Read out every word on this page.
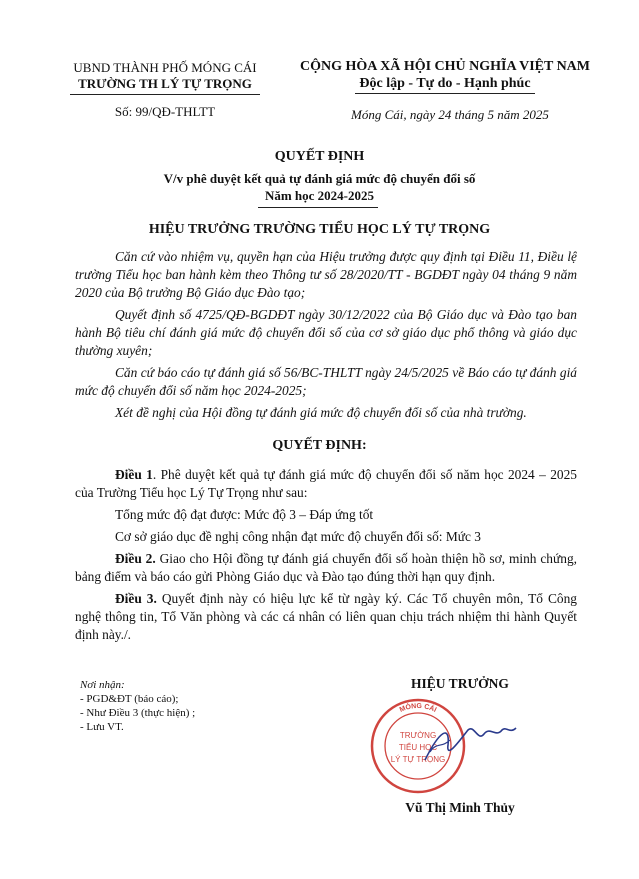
UBND THÀNH PHỐ MÓNG CÁI
TRƯỜNG TH LÝ TỰ TRỌNG
CỘNG HÒA XÃ HỘI CHỦ NGHĨA VIỆT NAM
Độc lập - Tự do - Hạnh phúc
Số: 99/QĐ-THLTT	Móng Cái, ngày 24 tháng 5 năm 2025
QUYẾT ĐỊNH
V/v phê duyệt kết quả tự đánh giá mức độ chuyển đổi số
Năm học 2024-2025
HIỆU TRƯỞNG TRƯỜNG TIỂU HỌC LÝ TỰ TRỌNG

Căn cứ vào nhiệm vụ, quyền hạn của Hiệu trưởng được quy định tại Điều 11, Điều lệ trường Tiểu học ban hành kèm theo Thông tư số 28/2020/TT - BGDĐT ngày 04 tháng 9 năm 2020 của Bộ trưởng Bộ Giáo dục Đào tạo;

Quyết định số 4725/QĐ-BGDĐT ngày 30/12/2022 của Bộ Giáo dục và Đào tạo ban hành Bộ tiêu chí đánh giá mức độ chuyển đổi số của cơ sở giáo dục phổ thông và giáo dục thường xuyên;

Căn cứ báo cáo tự đánh giá số 56/BC-THLTT ngày 24/5/2025 về Báo cáo tự đánh giá mức độ chuyển đổi số năm học 2024-2025;

Xét đề nghị của Hội đồng tự đánh giá mức độ chuyển đổi số của nhà trường.

QUYẾT ĐỊNH:

Điều 1. Phê duyệt kết quả tự đánh giá mức độ chuyển đổi số năm học 2024 – 2025 của Trường Tiểu học Lý Tự Trọng như sau:

Tổng mức độ đạt được: Mức độ 3 – Đáp ứng tốt

Cơ sở giáo dục đề nghị công nhận đạt mức độ chuyển đổi số: Mức 3

Điều 2. Giao cho Hội đồng tự đánh giá chuyển đổi số hoàn thiện hồ sơ, minh chứng, bảng điểm và báo cáo gửi Phòng Giáo dục và Đào tạo đúng thời hạn quy định.

Điều 3. Quyết định này có hiệu lực kể từ ngày ký. Các Tổ chuyên môn, Tổ Công nghệ thông tin, Tổ Văn phòng và các cá nhân có liên quan chịu trách nhiệm thi hành Quyết định này./.

Nơi nhận:
- PGD&ĐT (báo cáo);
- Như Điều 3 (thực hiện) ;
- Lưu VT.
HIỆU TRƯỞNG
MÓNG CÁI
TRƯỜNG
TIỂU HỌC
LÝ TỰ TRỌNG
Vũ Thị Minh Thủy
